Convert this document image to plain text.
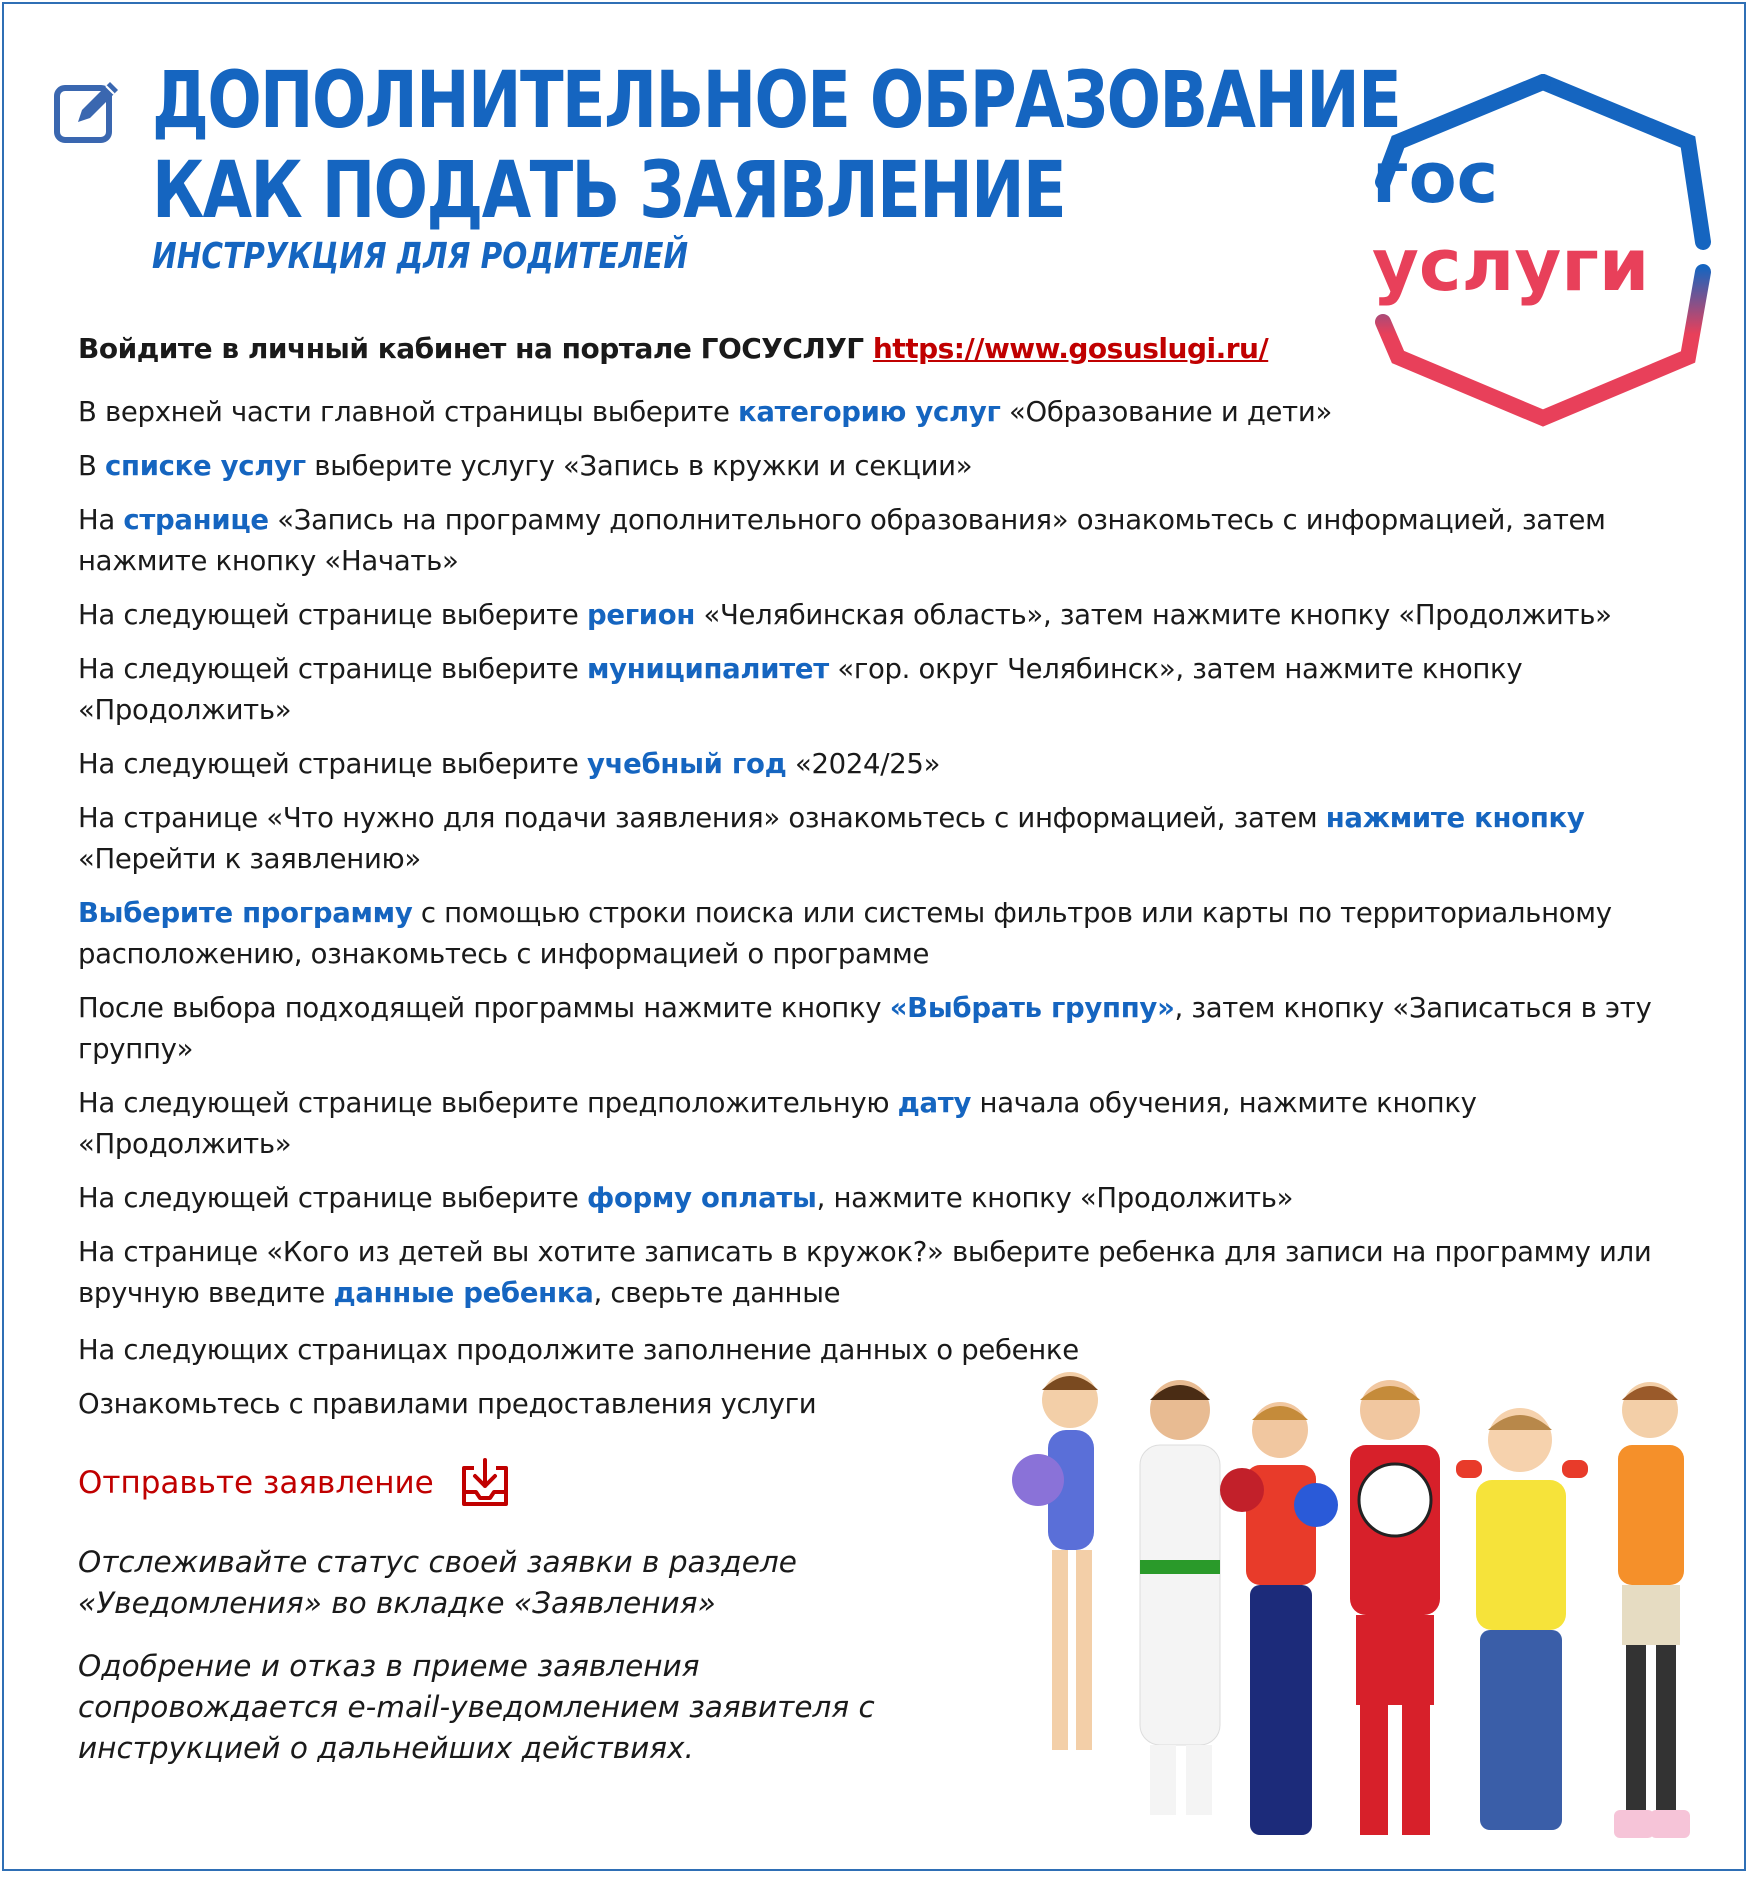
ДОПОЛНИТЕЛЬНОЕ ОБРАЗОВАНИЕ
КАК ПОДАТЬ ЗАЯВЛЕНИЕ
ИНСТРУКЦИЯ ДЛЯ РОДИТЕЛЕЙ
гос
услуги
Войдите в личный кабинет на портале ГОСУСЛУГ https://www.gosuslugi.ru/
В верхней части главной страницы выберите категорию услуг «Образование и дети»
В списке услуг выберите услугу «Запись в кружки и секции»
На странице «Запись на программу дополнительного образования» ознакомьтесь с информацией, затем нажмите кнопку «Начать»
На следующей странице выберите регион «Челябинская область», затем нажмите кнопку «Продолжить»
На следующей странице выберите муниципалитет «гор. округ Челябинск», затем нажмите кнопку «Продолжить»
На следующей странице выберите учебный год «2024/25»
На странице «Что нужно для подачи заявления» ознакомьтесь с информацией, затем нажмите кнопку «Перейти к заявлению»
Выберите программу с помощью строки поиска или системы фильтров или карты по территориальному расположению, ознакомьтесь с информацией о программе
После выбора подходящей программы нажмите кнопку «Выбрать группу», затем кнопку «Записаться в эту группу»
На следующей странице выберите предположительную дату начала обучения, нажмите кнопку «Продолжить»
На следующей странице выберите форму оплаты, нажмите кнопку «Продолжить»
На странице «Кого из детей вы хотите записать в кружок?» выберите ребенка для записи на программу или вручную введите данные ребенка, сверьте данные
На следующих страницах продолжите заполнение данных о ребенке
Ознакомьтесь с правилами предоставления услуги
Отправьте заявление
Отслеживайте статус своей заявки в разделе «Уведомления» во вкладке «Заявления»
Одобрение и отказ в приеме заявления сопровождается e-mail-уведомлением заявителя с инструкцией о дальнейших действиях.
